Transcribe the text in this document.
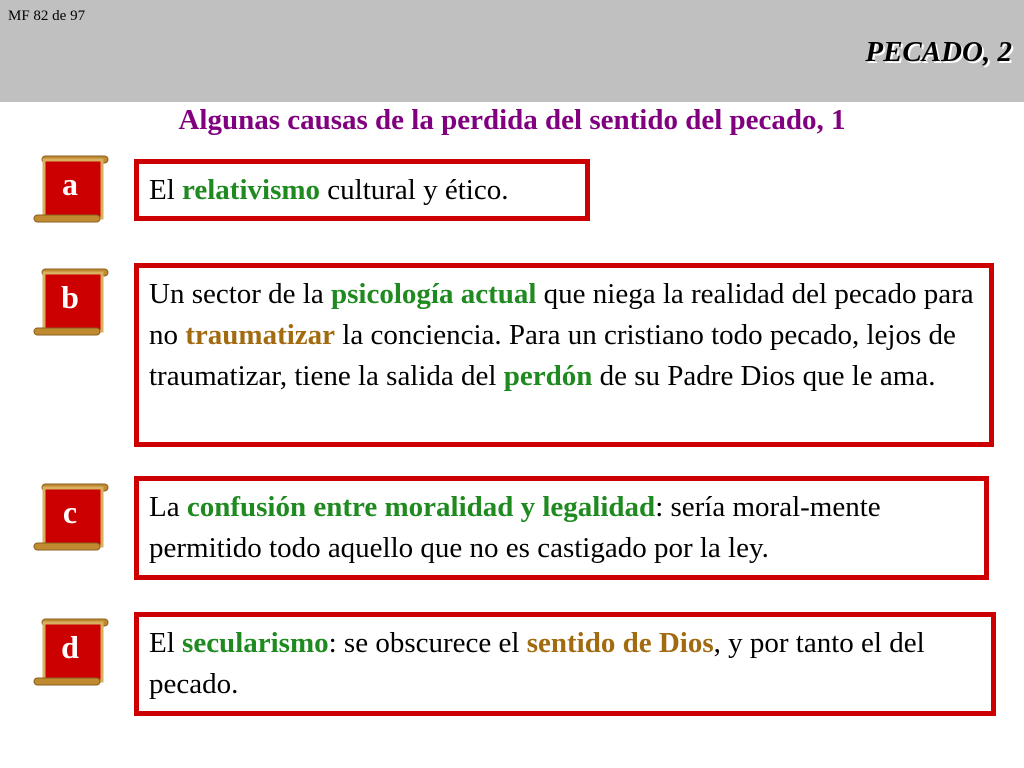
MF 82 de 97
PECADO, 2
Algunas causas de la perdida del sentido del pecado, 1
a	El relativismo cultural y ético.
b	Un sector de la psicología actual que niega la realidad del pecado para no traumatizar la conciencia. Para un cristiano todo pecado, lejos de traumatizar, tiene la salida del perdón de su Padre Dios que le ama.
c	La confusión entre moralidad y legalidad: sería moral-mente permitido todo aquello que no es castigado por la ley.
d	El secularismo: se obscurece el sentido de Dios, y por tanto el del pecado.
